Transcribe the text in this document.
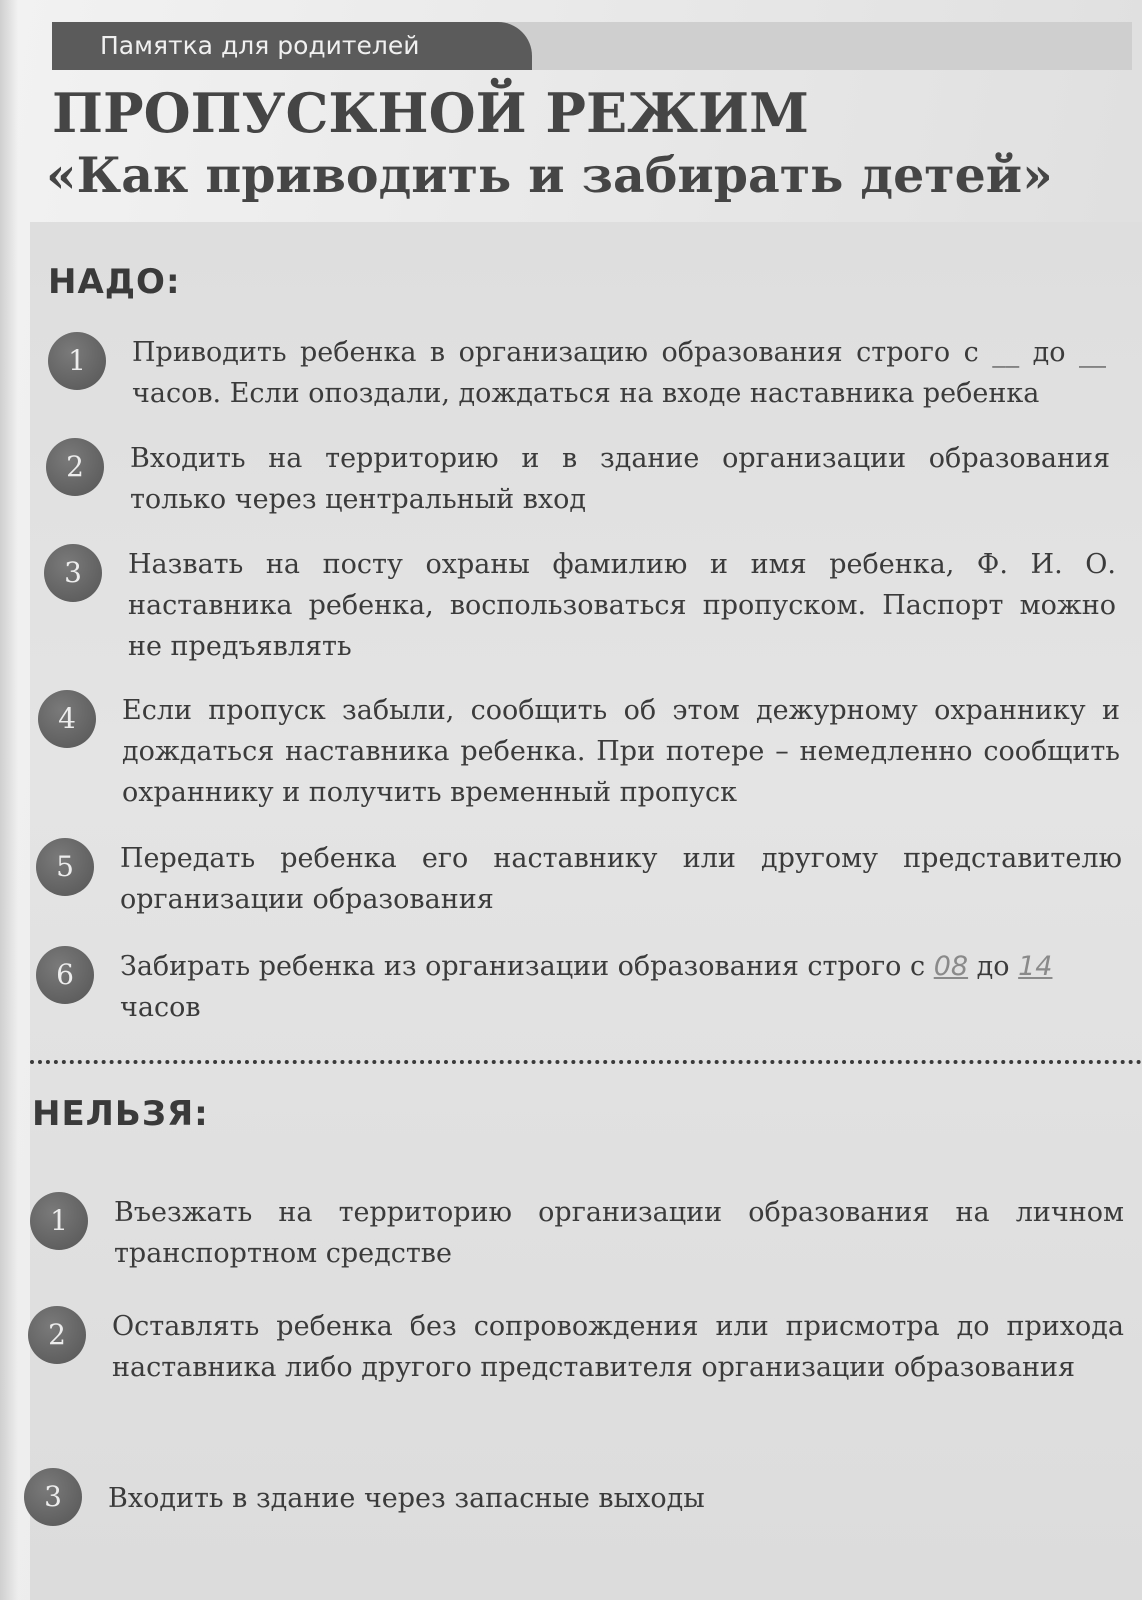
Памятка для родителей
ПРОПУСКНОЙ РЕЖИМ
«Как приводить и забирать детей»
НАДО:
1	Приводить ребенка в организацию образования строго с __ до __ часов. Если опоздали, дождаться на входе наставника ребенка
2	Входить на территорию и в здание организации образования только через центральный вход
3	Назвать на посту охраны фамилию и имя ребенка, Ф. И. О. наставника ребенка, воспользоваться пропуском. Паспорт можно не предъявлять
4	Если пропуск забыли, сообщить об этом дежурному охраннику и дождаться наставника ребенка. При потере – немедленно сообщить охраннику и получить временный пропуск
5	Передать ребенка его наставнику или другому представителю организации образования
6	Забирать ребенка из организации образования строго с 08 до 14 часов
НЕЛЬЗЯ:
1	Въезжать на территорию организации образования на личном транспортном средстве
2	Оставлять ребенка без сопровождения или присмотра до прихода наставника либо другого представителя организации образования
3	Входить в здание через запасные выходы
